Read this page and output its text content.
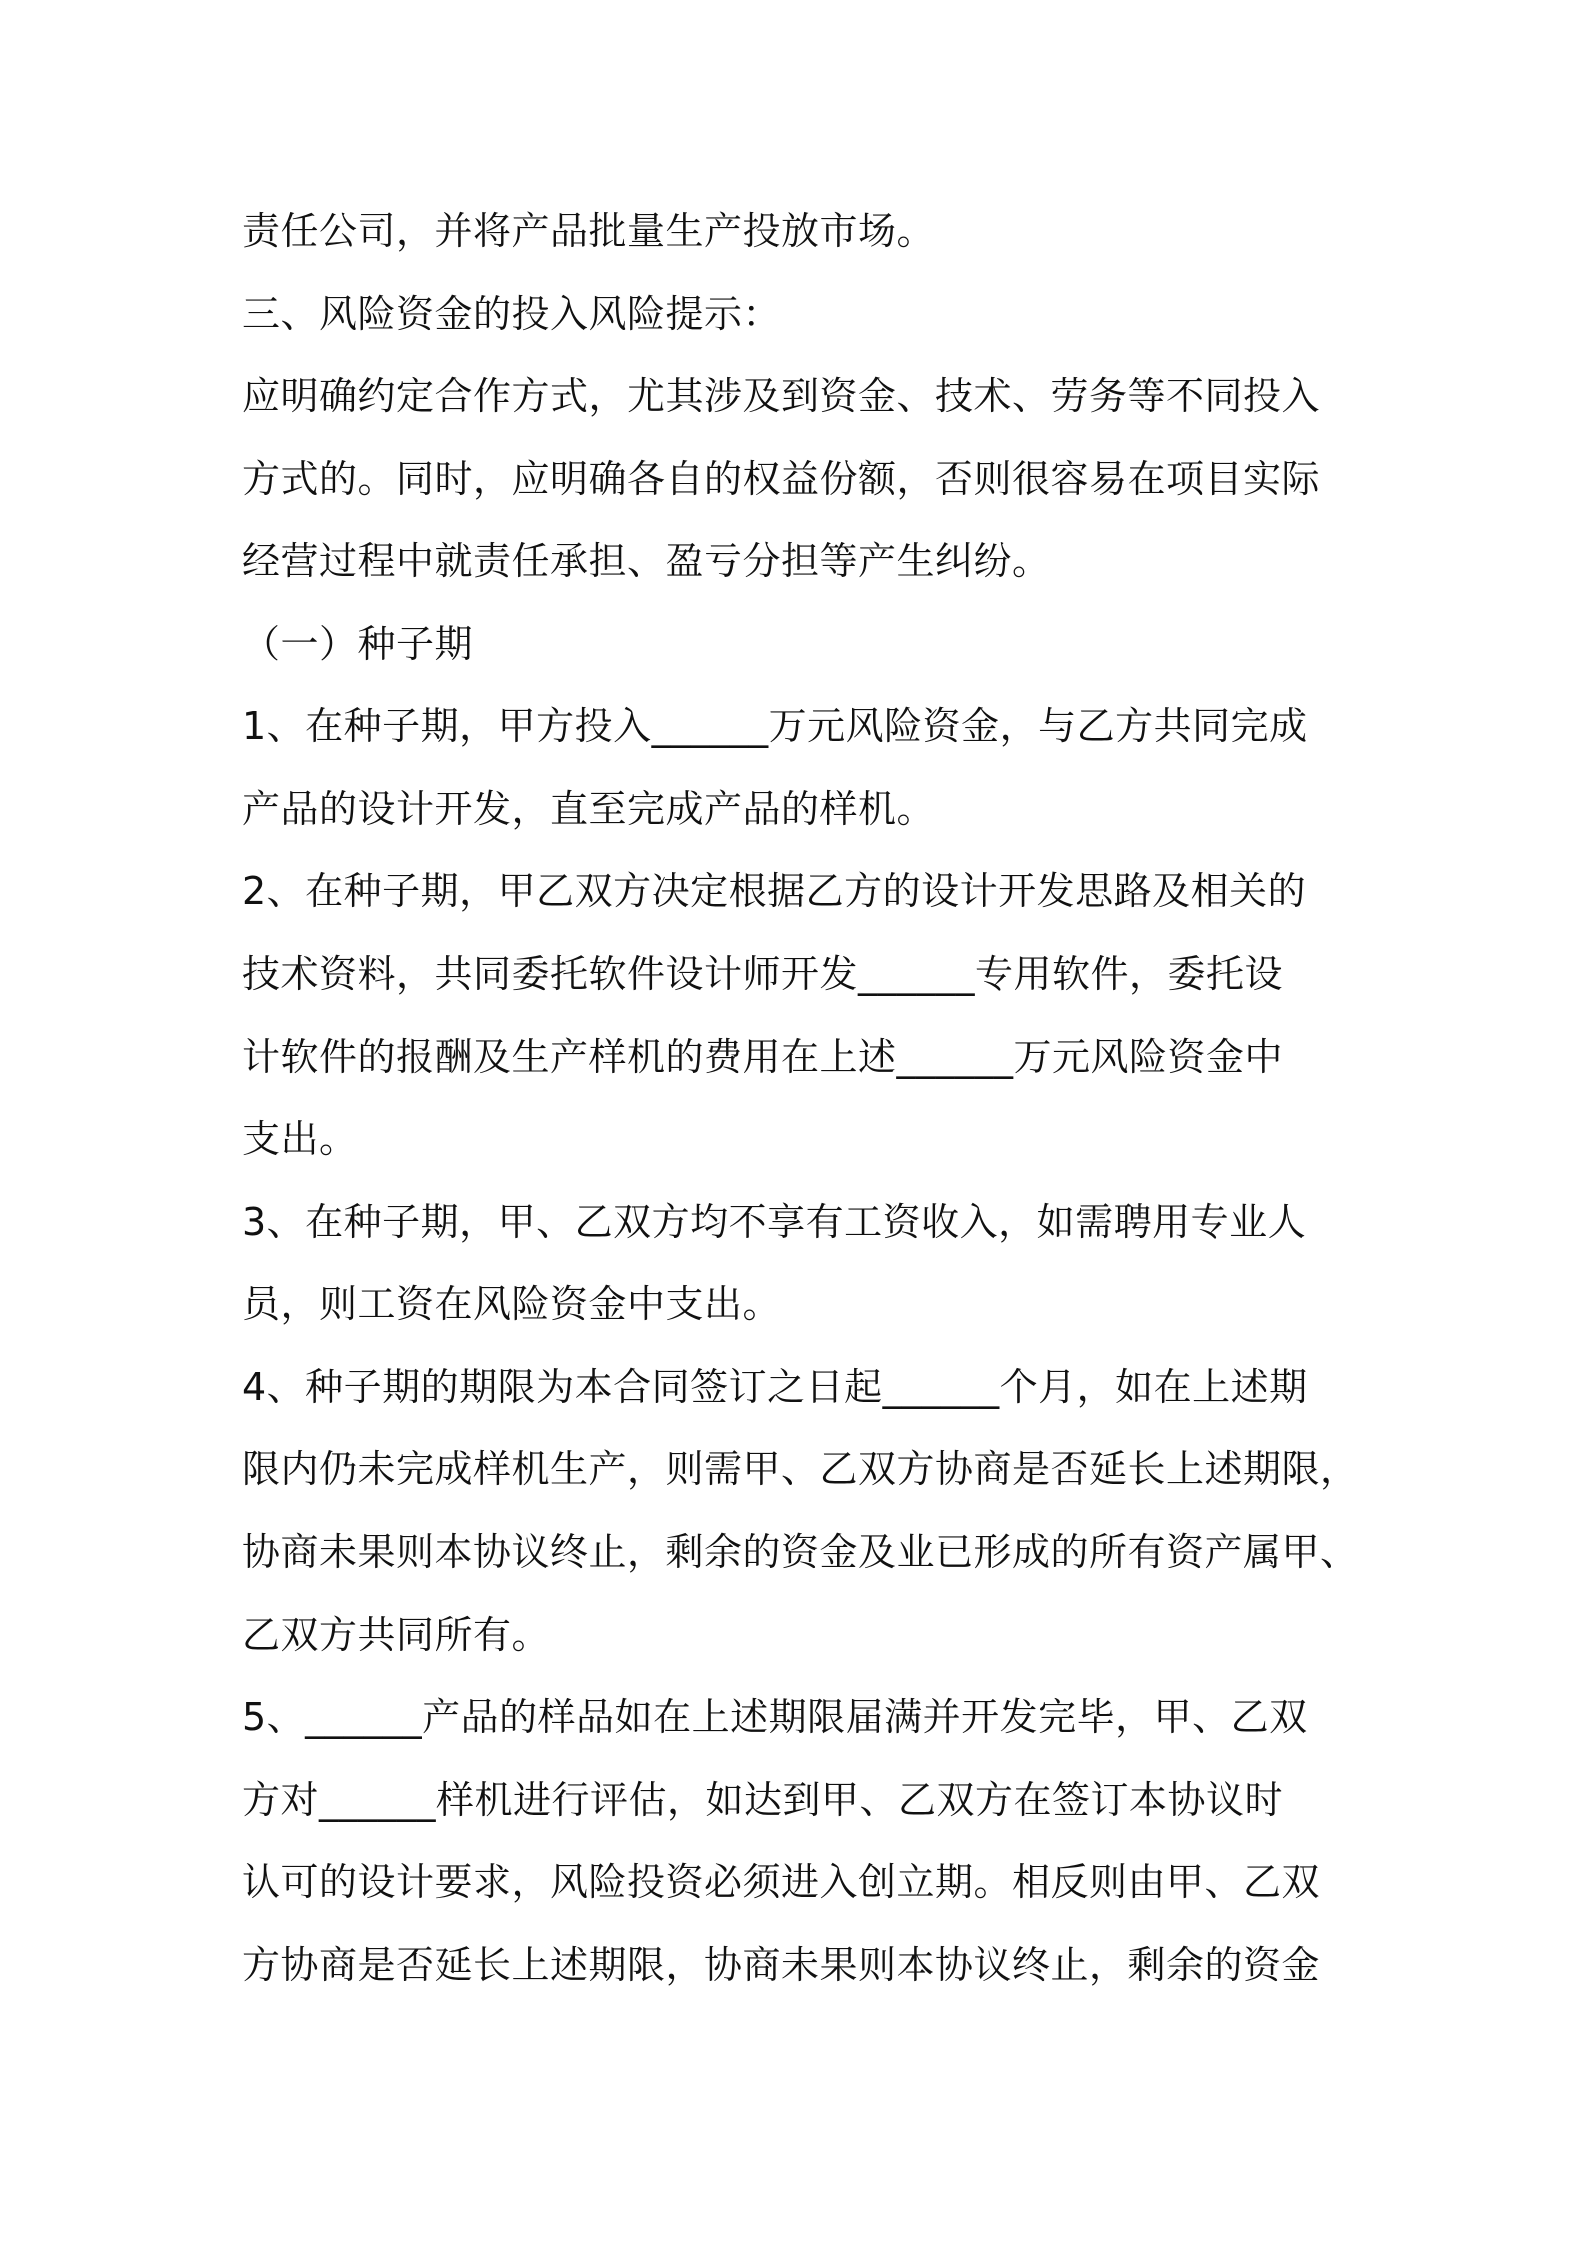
责任公司，并将产品批量生产投放市场。
三、风险资金的投入风险提示：
应明确约定合作方式，尤其涉及到资金、技术、劳务等不同投入
方式的。同时，应明确各自的权益份额，否则很容易在项目实际
经营过程中就责任承担、盈亏分担等产生纠纷。
（一）种子期
1、在种子期，甲方投入______万元风险资金，与乙方共同完成
产品的设计开发，直至完成产品的样机。
2、在种子期，甲乙双方决定根据乙方的设计开发思路及相关的
技术资料，共同委托软件设计师开发______专用软件，委托设
计软件的报酬及生产样机的费用在上述______万元风险资金中
支出。
3、在种子期，甲、乙双方均不享有工资收入，如需聘用专业人
员，则工资在风险资金中支出。
4、种子期的期限为本合同签订之日起______个月，如在上述期
限内仍未完成样机生产，则需甲、乙双方协商是否延长上述期限，
协商未果则本协议终止，剩余的资金及业已形成的所有资产属甲、
乙双方共同所有。
5、______产品的样品如在上述期限届满并开发完毕，甲、乙双
方对______样机进行评估，如达到甲、乙双方在签订本协议时
认可的设计要求，风险投资必须进入创立期。相反则由甲、乙双
方协商是否延长上述期限，协商未果则本协议终止，剩余的资金
